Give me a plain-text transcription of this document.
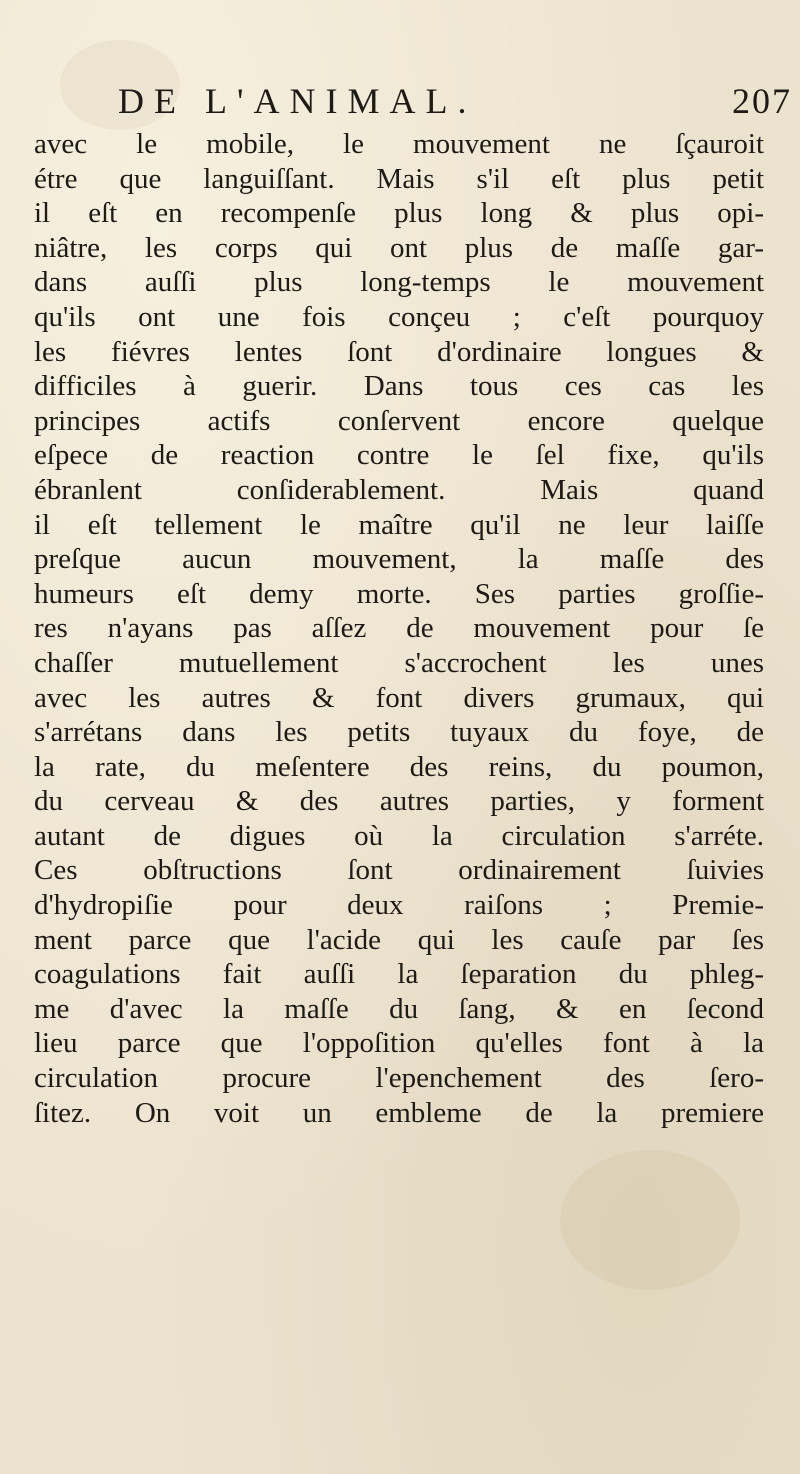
DE L'ANIMAL.	207
avec le mobile, le mouvement ne ſçauroit
étre que languiſſant. Mais s'il eſt plus petit
il eſt en recompenſe plus long & plus opi-
niâtre, les corps qui ont plus de maſſe gar-
dans auſſi plus long-temps le mouvement
qu'ils ont une fois conçeu ; c'eſt pourquoy
les fiévres lentes ſont d'ordinaire longues &
difficiles à guerir. Dans tous ces cas les
principes actifs conſervent encore quelque
eſpece de reaction contre le ſel fixe, qu'ils
ébranlent conſiderablement. Mais quand
il eſt tellement le maître qu'il ne leur laiſſe
preſque aucun mouvement, la maſſe des
humeurs eſt demy morte. Ses parties groſſie-
res n'ayans pas aſſez de mouvement pour ſe
chaſſer mutuellement s'accrochent les unes
avec les autres & font divers grumaux, qui
s'arrétans dans les petits tuyaux du foye, de
la rate, du meſentere des reins, du poumon,
du cerveau & des autres parties, y forment
autant de digues où la circulation s'arréte.
Ces obſtructions ſont ordinairement ſuivies
d'hydropiſie pour deux raiſons ; Premie-
ment parce que l'acide qui les cauſe par ſes
coagulations fait auſſi la ſeparation du phleg-
me d'avec la maſſe du ſang, & en ſecond
lieu parce que l'oppoſition qu'elles font à la
circulation procure l'epenchement des ſero-
ſitez. On voit un embleme de la premiere
